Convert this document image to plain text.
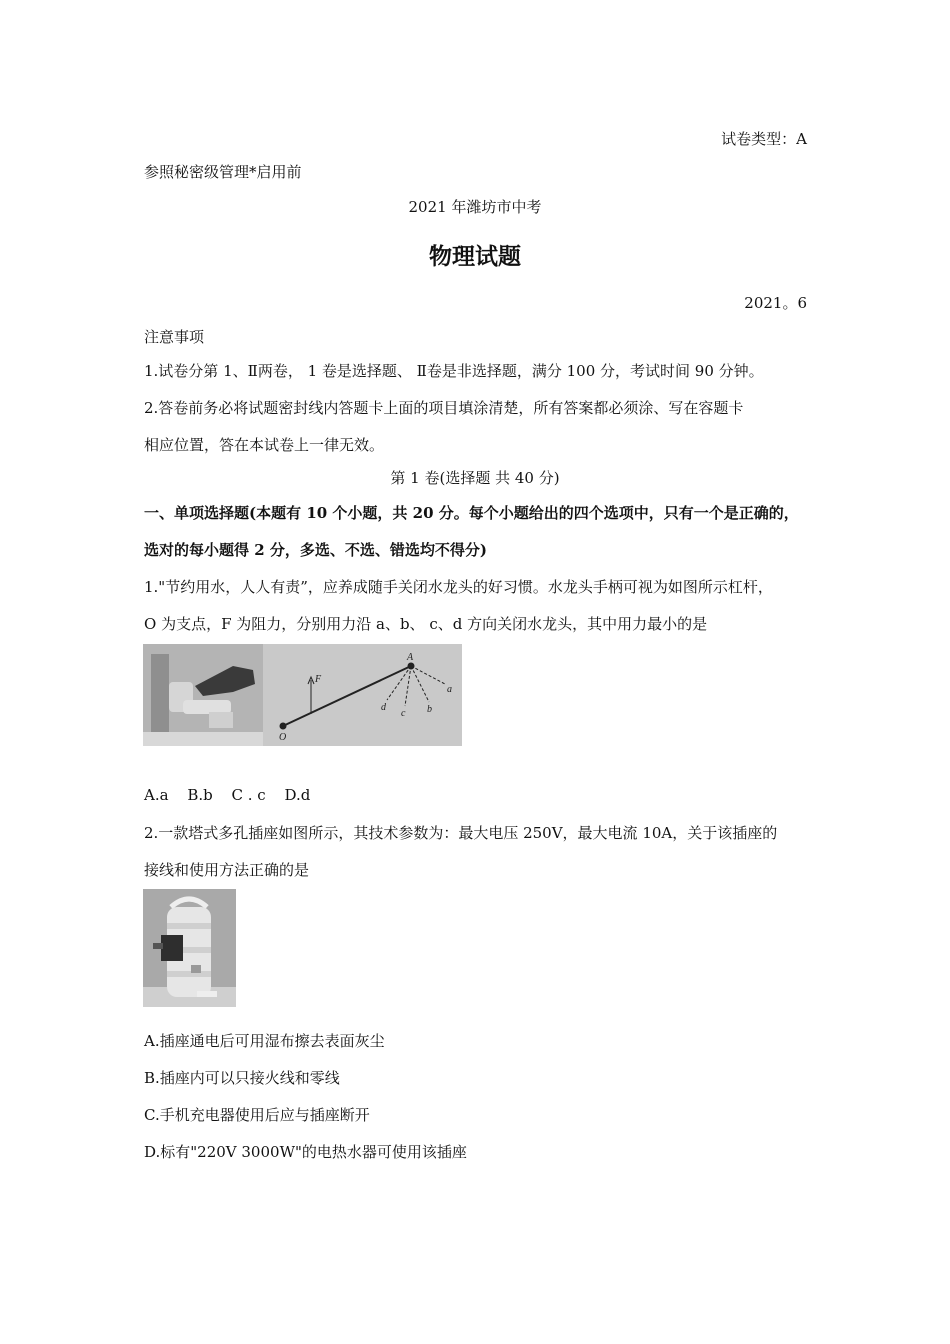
试卷类型：A
参照秘密级管理*启用前
2021 年潍坊市中考
物理试题
2021。6
注意事项
1.试卷分第 1、Ⅱ两卷， 1 卷是选择题、 Ⅱ卷是非选择题，满分 100 分，考试时间 90 分钟。
2.答卷前务必将试题密封线内答题卡上面的项目填涂清楚，所有答案都必须涂、写在容题卡
相应位置，答在本试卷上一律无效。
第 1 卷(选择题 共 40 分)
一、单项选择题(本题有 10 个小题，共 20 分。每个小题给出的四个选项中，只有一个是正确的，
选对的每小题得 2 分，多选、不选、错选均不得分)
1."节约用水，人人有责”，应养成随手关闭水龙头的好习惯。水龙头手柄可视为如图所示杠杆，
O 为支点，F 为阻力，分别用力沿 a、b、 c、d 方向关闭水龙头，其中用力最小的是
A
F
O
a
b
c
d
A.a B.b C . c D.d
2.一款塔式多孔插座如图所示，其技术参数为：最大电压 250V，最大电流 10A，关于该插座的
接线和使用方法正确的是
A.插座通电后可用湿布擦去表面灰尘
B.插座内可以只接火线和零线
C.手机充电器使用后应与插座断开
D.标有"220V 3000W"的电热水器可使用该插座
